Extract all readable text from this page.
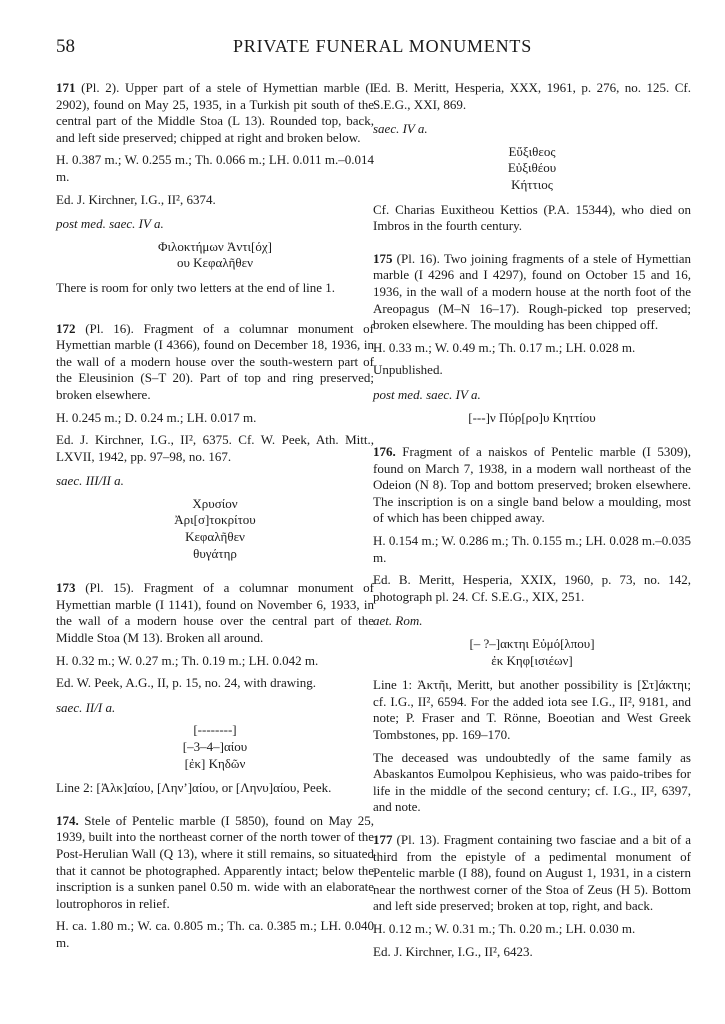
58	PRIVATE FUNERAL MONUMENTS

171 (Pl. 2). Upper part of a stele of Hymettian marble (I 2902), found on May 25, 1935, in a Turkish pit south of the central part of the Middle Stoa (L 13). Rounded top, back, and left side preserved; chipped at right and broken below.

H. 0.387 m.; W. 0.255 m.; Th. 0.066 m.; LH. 0.011 m.–0.014 m.

Ed. J. Kirchner, I.G., II², 6374.

post med. saec. IV a.
Φιλοκτήμων Ἀντι[όχ]
ου Κεφαλῆθεν

There is room for only two letters at the end of line 1.

172 (Pl. 16). Fragment of a columnar monument of Hymettian marble (I 4366), found on December 18, 1936, in the wall of a modern house over the south-western part of the Eleusinion (S–T 20). Part of top and ring preserved; broken elsewhere.

H. 0.245 m.; D. 0.24 m.; LH. 0.017 m.

Ed. J. Kirchner, I.G., II², 6375. Cf. W. Peek, Ath. Mitt., LXVII, 1942, pp. 97–98, no. 167.

saec. III/II a.
Χρυσίον
Ἀρι[σ]τοκρίτου
Κεφαλῆθεν
θυγάτηρ

173 (Pl. 15). Fragment of a columnar monument of Hymettian marble (I 1141), found on November 6, 1933, in the wall of a modern house over the central part of the Middle Stoa (M 13). Broken all around.

H. 0.32 m.; W. 0.27 m.; Th. 0.19 m.; LH. 0.042 m.

Ed. W. Peek, A.G., II, p. 15, no. 24, with drawing.

saec. II/I a.
[--------]
[–3–4–]αίου
[ἐκ] Κηδῶν

Line 2: [Ἀλκ]αίου, [Ληνʼ]αίου, or [Ληνυ]αίου, Peek.

174. Stele of Pentelic marble (I 5850), found on May 25, 1939, built into the northeast corner of the north tower of the Post-Herulian Wall (Q 13), where it still remains, so situated that it cannot be photographed. Apparently intact; below the inscription is a sunken panel 0.50 m. wide with an elaborate loutrophoros in relief.

H. ca. 1.80 m.; W. ca. 0.805 m.; Th. ca. 0.385 m.; LH. 0.040 m.

Ed. B. Meritt, Hesperia, XXX, 1961, p. 276, no. 125. Cf. S.E.G., XXI, 869.

saec. IV a.
Εὔξιθεος
Εὐξιθέου
Κήττιος

Cf. Charias Euxitheou Kettios (P.A. 15344), who died on Imbros in the fourth century.

175 (Pl. 16). Two joining fragments of a stele of Hymettian marble (I 4296 and I 4297), found on October 15 and 16, 1936, in the wall of a modern house at the north foot of the Areopagus (M–N 16–17). Rough-picked top preserved; broken elsewhere. The moulding has been chipped off.

H. 0.33 m.; W. 0.49 m.; Th. 0.17 m.; LH. 0.028 m.

Unpublished.

post med. saec. IV a.
[---]ν Πύρ[ρο]υ Κηττίου

176. Fragment of a naiskos of Pentelic marble (I 5309), found on March 7, 1938, in a modern wall northeast of the Odeion (N 8). Top and bottom preserved; broken elsewhere. The inscription is on a single band below a moulding, most of which has been chipped away.

H. 0.154 m.; W. 0.286 m.; Th. 0.155 m.; LH. 0.028 m.–0.035 m.

Ed. B. Meritt, Hesperia, XXIX, 1960, p. 73, no. 142, photograph pl. 24. Cf. S.E.G., XIX, 251.

aet. Rom.
[– ?–]ακτηι Εὐμό[λπου]
ἐκ Κηφ[ισιέων]

Line 1: Ἀκτῆι, Meritt, but another possibility is [Στ]άκτηι; cf. I.G., II², 6594. For the added iota see I.G., II², 9181, and note; P. Fraser and T. Rönne, Boeotian and West Greek Tombstones, pp. 169–170.

The deceased was undoubtedly of the same family as Abaskantos Eumolpou Kephisieus, who was paido-tribes for life in the middle of the second century; cf. I.G., II², 6397, and note.

177 (Pl. 13). Fragment containing two fasciae and a bit of a third from the epistyle of a pedimental monument of Pentelic marble (I 88), found on August 1, 1931, in a cistern near the northwest corner of the Stoa of Zeus (H 5). Bottom and left side preserved; broken at top, right, and back.

H. 0.12 m.; W. 0.31 m.; Th. 0.20 m.; LH. 0.030 m.

Ed. J. Kirchner, I.G., II², 6423.
